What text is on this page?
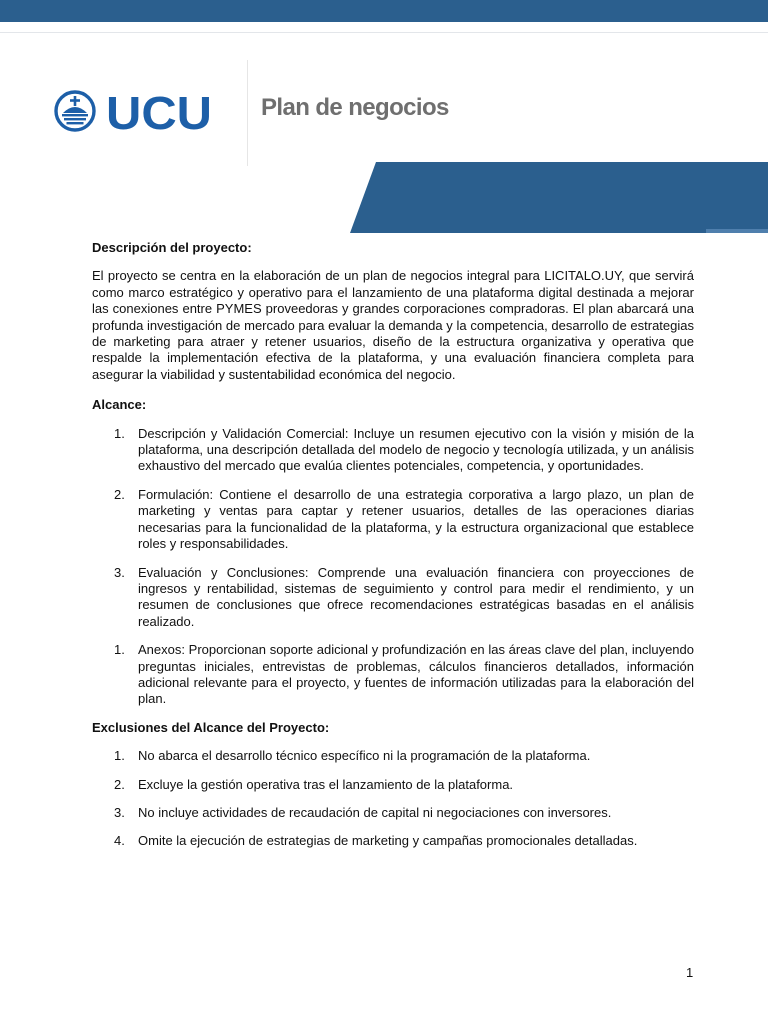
UCU Plan de negocios

Descripción del proyecto:

El proyecto se centra en la elaboración de un plan de negocios integral para LICITALO.UY, que servirá como marco estratégico y operativo para el lanzamiento de una plataforma digital destinada a mejorar las conexiones entre PYMES proveedoras y grandes corporaciones compradoras. El plan abarcará una profunda investigación de mercado para evaluar la demanda y la competencia, desarrollo de estrategias de marketing para atraer y retener usuarios, diseño de la estructura organizativa y operativa que respalde la implementación efectiva de la plataforma, y una evaluación financiera completa para asegurar la viabilidad y sustentabilidad económica del negocio.

Alcance:

1. Descripción y Validación Comercial: Incluye un resumen ejecutivo con la visión y misión de la plataforma, una descripción detallada del modelo de negocio y tecnología utilizada, y un análisis exhaustivo del mercado que evalúa clientes potenciales, competencia, y oportunidades.
2. Formulación: Contiene el desarrollo de una estrategia corporativa a largo plazo, un plan de marketing y ventas para captar y retener usuarios, detalles de las operaciones diarias necesarias para la funcionalidad de la plataforma, y la estructura organizacional que establece roles y responsabilidades.
3. Evaluación y Conclusiones: Comprende una evaluación financiera con proyecciones de ingresos y rentabilidad, sistemas de seguimiento y control para medir el rendimiento, y un resumen de conclusiones que ofrece recomendaciones estratégicas basadas en el análisis realizado.
1. Anexos: Proporcionan soporte adicional y profundización en las áreas clave del plan, incluyendo preguntas iniciales, entrevistas de problemas, cálculos financieros detallados, información adicional relevante para el proyecto, y fuentes de información utilizadas para la elaboración del plan.

Exclusiones del Alcance del Proyecto:

1. No abarca el desarrollo técnico específico ni la programación de la plataforma.
2. Excluye la gestión operativa tras el lanzamiento de la plataforma.
3. No incluye actividades de recaudación de capital ni negociaciones con inversores.
4. Omite la ejecución de estrategias de marketing y campañas promocionales detalladas.
1
